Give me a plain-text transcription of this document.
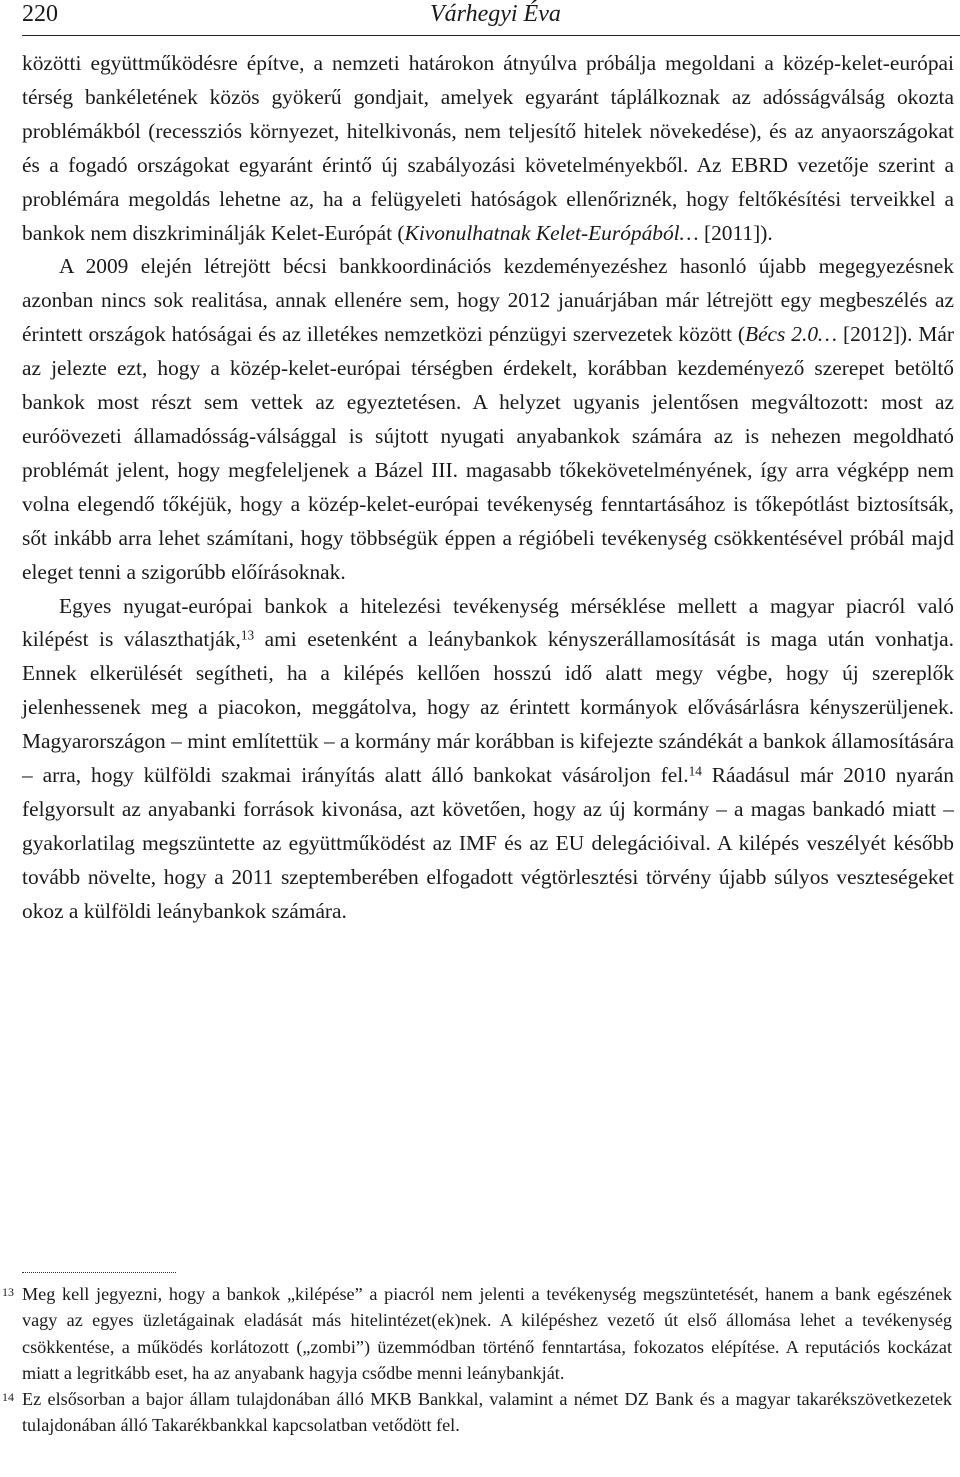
220	Várhegyi Éva

közötti együttműködésre építve, a nemzeti határokon átnyúlva próbálja megoldani a közép-kelet-európai térség bankéletének közös gyökerű gondjait, amelyek egyaránt táplálkoznak az adósságválság okozta problémákból (recessziós környezet, hitelkivonás, nem teljesítő hitelek növekedése), és az anyaországokat és a fogadó országokat egyaránt érintő új szabályozási követelményekből. Az EBRD vezetője szerint a problémára megoldás lehetne az, ha a felügyeleti hatóságok ellenőriznék, hogy feltőkésítési terveikkel a bankok nem diszkriminálják Kelet-Európát (Kivonulhatnak Kelet-Európából… [2011]).

A 2009 elején létrejött bécsi bankkoordinációs kezdeményezéshez hasonló újabb megegyezésnek azonban nincs sok realitása, annak ellenére sem, hogy 2012 januárjában már létrejött egy megbeszélés az érintett országok hatóságai és az illetékes nemzetközi pénzügyi szervezetek között (Bécs 2.0… [2012]). Már az jelezte ezt, hogy a közép-kelet-európai térségben érdekelt, korábban kezdeményező szerepet betöltő bankok most részt sem vettek az egyeztetésen. A helyzet ugyanis jelentősen megváltozott: most az euróövezeti államadósság-válsággal is sújtott nyugati anyabankok számára az is nehezen megoldható problémát jelent, hogy megfeleljenek a Bázel III. magasabb tőkekövetelményének, így arra végképp nem volna elegendő tőkéjük, hogy a közép-kelet-európai tevékenység fenntartásához is tőkepótlást biztosítsák, sőt inkább arra lehet számítani, hogy többségük éppen a régióbeli tevékenység csökkentésével próbál majd eleget tenni a szigorúbb előírásoknak.

Egyes nyugat-európai bankok a hitelezési tevékenység mérséklése mellett a magyar piacról való kilépést is választhatják,$^{13}$ ami esetenként a leánybankok kényszerállamosítását is maga után vonhatja. Ennek elkerülését segítheti, ha a kilépés kellően hosszú idő alatt megy végbe, hogy új szereplők jelenhessenek meg a piacokon, meggátolva, hogy az érintett kormányok elővásárlásra kényszerüljenek. Magyarországon – mint említettük – a kormány már korábban is kifejezte szándékát a bankok államosítására – arra, hogy külföldi szakmai irányítás alatt álló bankokat vásároljon fel.$^{14}$ Ráadásul már 2010 nyarán felgyorsult az anyabanki források kivonása, azt követően, hogy az új kormány – a magas bankadó miatt – gyakorlatilag megszüntette az együttműködést az IMF és az EU delegációival. A kilépés veszélyét később tovább növelte, hogy a 2011 szeptemberében elfogadott végtörlesztési törvény újabb súlyos veszteségeket okoz a külföldi leánybankok számára.

13 Meg kell jegyezni, hogy a bankok „kilépése” a piacról nem jelenti a tevékenység megszüntetését, hanem a bank egészének vagy az egyes üzletágainak eladását más hitelintézet(ek)nek. A kilépéshez vezető út első állomása lehet a tevékenység csökkentése, a működés korlátozott („zombi”) üzemmódban történő fenntartása, fokozatos elépítése. A reputációs kockázat miatt a legritkább eset, ha az anyabank hagyja csődbe menni leánybankját.
14 Ez elsősorban a bajor állam tulajdonában álló MKB Bankkal, valamint a német DZ Bank és a magyar takarékszövetkezetek tulajdonában álló Takarékbankkal kapcsolatban vetődött fel.
